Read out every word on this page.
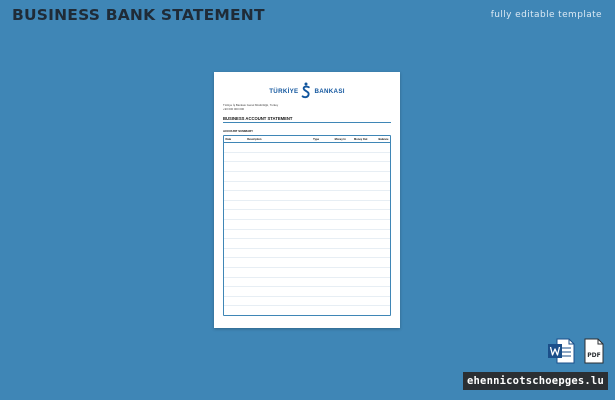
BUSINESS BANK STATEMENT	fully editable template
TÜRKİYE	BANKASI
Türkiye İş Bankası Genel Müdürlüğü, Turkey
+90 000 000 000
BUSINESS ACCOUNT STATEMENT
ACCOUNT SUMMARY
Date	Description	Type	Money In	Money Out	Balance
PDF
ehennicotschoepges.lu
